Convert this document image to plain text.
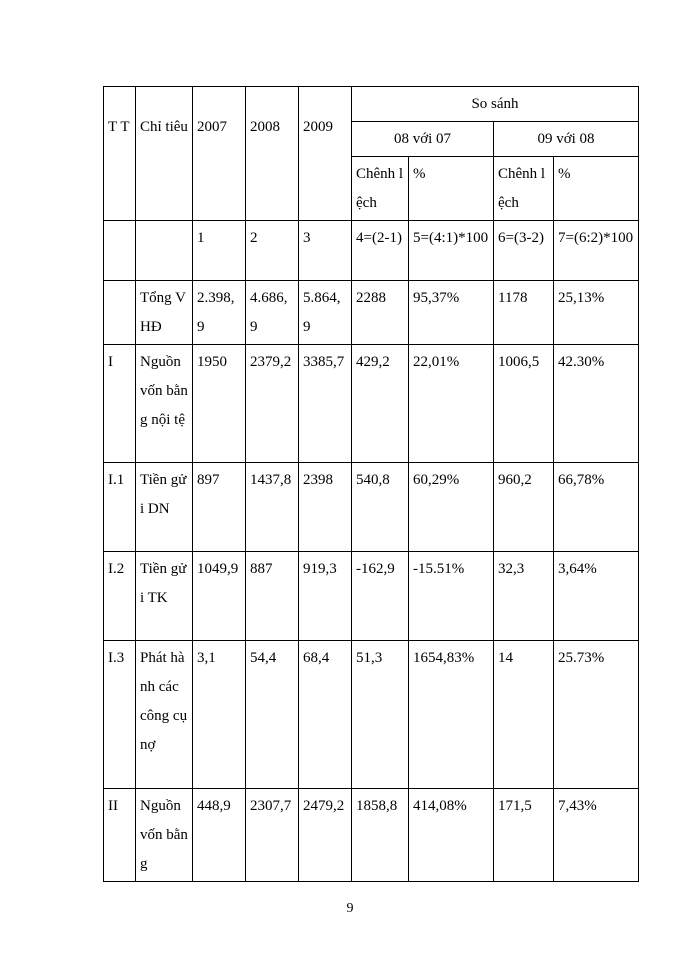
T T	Chỉ tiêu	2007	2008	2009	So sánh			
					08 với 07		09 với 08	
					Chênh lệch	%	Chênh lệch	%
		1	2	3	4=(2-1)	5=(4:1)*100	6=(3-2)	7=(6:2)*100
	Tổng VHĐ	2.398,9	4.686,9	5.864,9	2288	95,37%	1178	25,13%
I	Nguồn vốn bằng nội tệ	1950	2379,2	3385,7	429,2	22,01%	1006,5	42.30%
I.1	Tiền gửi DN	897	1437,8	2398	540,8	60,29%	960,2	66,78%
I.2	Tiền gửi TK	1049,9	887	919,3	-162,9	-15.51%	32,3	3,64%
I.3	Phát hành các công cụ nợ	3,1	54,4	68,4	51,3	1654,83%	14	25.73%
II	Nguồn vốn bằng	448,9	2307,7	2479,2	1858,8	414,08%	171,5	7,43%
9
